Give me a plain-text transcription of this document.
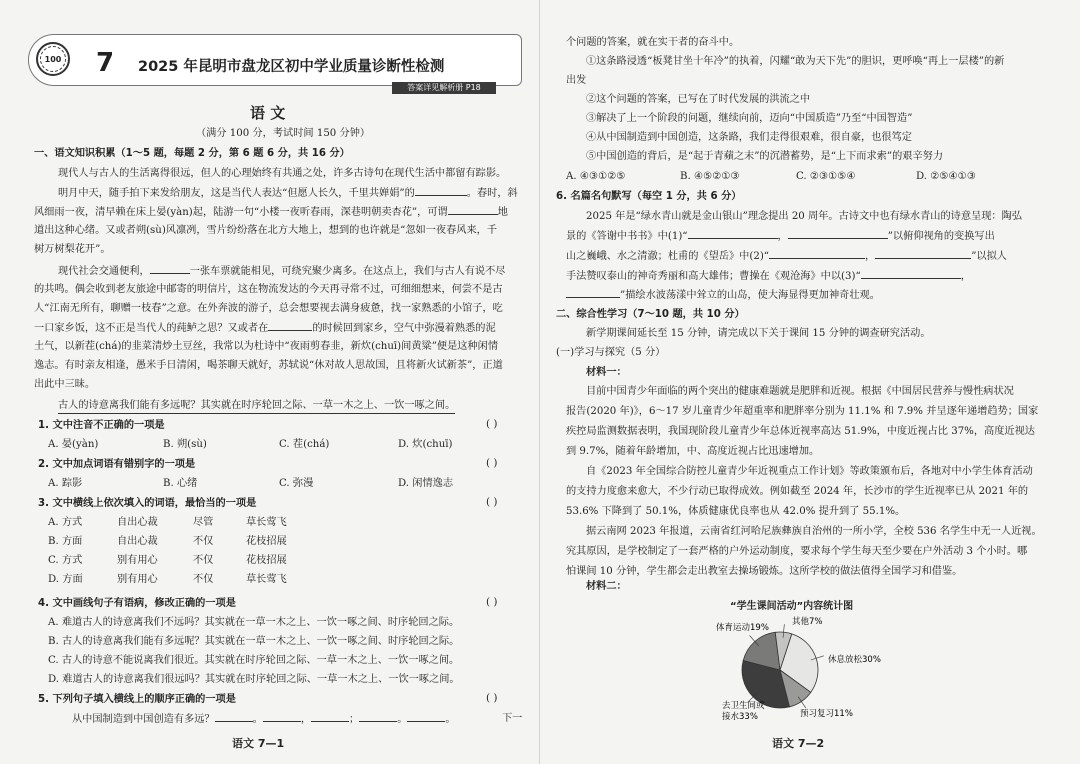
100 7 2025 年昆明市盘龙区初中学业质量诊断性检测
答案详见解析册 P18
语 文
（满分 100 分，考试时间 150 分钟）
一、语文知识积累（1～5 题，每题 2 分，第 6 题 6 分，共 16 分）
现代人与古人的生活离得很远，但人的心理始终有共通之处，许多古诗句在现代生活中都留有踪影。
明月中天，随手拍下来发给朋友，这是当代人表达“但愿人长久，千里共婵娟”的	。春时，斜
风细雨一夜，清早赖在床上晏(yàn)起，陆游一句“小楼一夜听春雨，深巷明朝卖杏花”，可谓	地
道出这种心绪。又或者朔(sù)风凛冽，雪片纷纷落在北方大地上，想到的也许就是“忽如一夜春风来，千
树万树梨花开”。
现代社会交通便利，	一张车票就能相见，可绕究聚少离多。在这点上，我们与古人有说不尽
的共鸣。偶会收到老友旅途中邮寄的明信片，这在物流发达的今天再寻常不过，可细细想来，何尝不是古
人“江南无所有，聊赠一枝春”之意。在外奔波的游子，总会想要视去满身疲惫，找一家熟悉的小馆子，吃
一口家乡饭，这不正是当代人的莼鲈之思？又或者在	的时候回到家乡，空气中弥漫着熟悉的泥
土气，以新茬(chá)的韭菜清炒土豆丝，我常以为杜诗中“夜雨剪春韭，新炊(chuī)间黄粱”便是这种闲情
逸志。有时亲友相逢，愚米手日清闲，喝茶聊天就好，苏轼说“休对故人思故国，且将新火试新茶”，正道
出此中三昧。
古人的诗意离我们能有多远呢？其实就在时序轮回之际、一草一木之上、一饮一啄之间。
1. 文中注音不正确的一项是	( )
A. 晏(yàn)	B. 朔(sù)	C. 茬(chá)	D. 炊(chuī)
2. 文中加点词语有错别字的一项是	( )
A. 踪影	B. 心绪	C. 弥漫	D. 闲情逸志
3. 文中横线上依次填入的词语，最恰当的一项是	( )
A. 方式	自出心裁	尽管	草长莺飞
B. 方面	自出心裁	不仅	花枝招展
C. 方式	别有用心	不仅	花枝招展
D. 方面	别有用心	不仅	草长莺飞
4. 文中画线句子有语病，修改正确的一项是	( )
A. 难道古人的诗意离我们不远吗？其实就在一草一木之上、一饮一啄之间、时序轮回之际。
B. 古人的诗意离我们能有多远呢？其实就在一草一木之上、一饮一啄之间、时序轮回之际。
C. 古人的诗意不能说离我们很近。其实就在时序轮回之际、一草一木之上、一饮一啄之间。
D. 难道古人的诗意离我们很远吗？其实就在时序轮回之际、一草一木之上、一饮一啄之间。
5. 下列句子填入横线上的顺序正确的一项是	( )
从中国制造到中国创造有多远？	。	，	；	。	。	下一
语文 7—1
个问题的答案，就在实干者的奋斗中。
①这条路浸透“板凳甘坐十年冷”的执着，闪耀“敢为天下先”的胆识，更呼唤“再上一层楼”的新
出发
②这个问题的答案，已写在了时代发展的洪流之中
③解决了上一个阶段的问题，继续向前，迈向“中国质造”乃至“中国智造”
④从中国制造到中国创造，这条路，我们走得很艰难，很自豪，也很笃定
⑤中国创造的背后，是“起于青蘋之末”的沉潜蓄势，是“上下而求索”的艰辛努力
A. ④③①②⑤	B. ④⑤②①③	C. ②③①⑤④	D. ②⑤④①③
6. 名篇名句默写（每空 1 分，共 6 分）
2025 年是“绿水青山就是金山银山”理念提出 20 周年。古诗文中也有绿水青山的诗意呈现：陶弘
景的《答谢中书书》中(1)“	，	”以俯仰视角的变换写出
山之巍峨、水之清澈；杜甫的《望岳》中(2)“	，	”以拟人
手法赞叹泰山的神奇秀丽和高大雄伟；曹操在《观沧海》中以(3)“	，
”描绘水波荡漾中耸立的山岛，使大海显得更加神奇壮观。
二、综合性学习（7～10 题，共 10 分）
新学期课间延长至 15 分钟，请完成以下关于课间 15 分钟的调查研究活动。
(一)学习与探究（5 分）
材料一：
目前中国青少年面临的两个突出的健康难题就是肥胖和近视。根据《中国居民营养与慢性病状况
报告(2020 年)》，6～17 岁儿童青少年超重率和肥胖率分别为 11.1% 和 7.9% 并呈逐年递增趋势；国家
疾控局监测数据表明，我国现阶段儿童青少年总体近视率高达 51.9%，中度近视占比 37%，高度近视达
到 9.7%，随着年龄增加，中、高度近视占比迅速增加。
自《2023 年全国综合防控儿童青少年近视重点工作计划》等政策颁布后，各地对中小学生体育活动
的支持力度愈来愈大，不少行动已取得成效。例如截至 2024 年，长沙市的学生近视率已从 2021 年的
53.6% 下降到了 50.1%，体质健康优良率也从 42.0% 提升到了 55.1%。
据云南网 2023 年报道，云南省红河哈尼族彝族自治州的一所小学，全校 536 名学生中无一人近视。
究其原因，是学校制定了一套严格的户外运动制度，要求每个学生每天至少要在户外活动 3 个小时。哪
怕课间 10 分钟，学生都会走出教室去操场锻炼。这所学校的做法值得全国学习和借鉴。
材料二：
语文 7—2
“学生课间活动”内容统计图
休息放松30%
预习复习11%
去卫生间或接水33%
体育运动19%
其他7%
